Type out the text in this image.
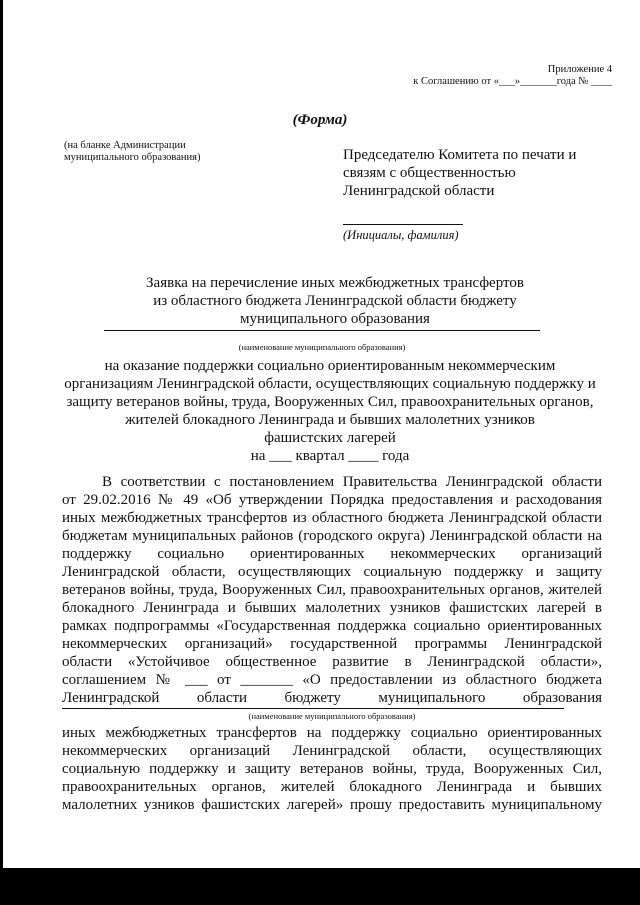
Приложение 4
к Соглашению от «___»_______года № ____
(Форма)
(на бланке Администрации
муниципального образования)	Председателю Комитета по печати и
связям с общественностью
Ленинградской области
(Инициалы, фамилия)
Заявка на перечисление иных межбюджетных трансфертов
из областного бюджета Ленинградской области бюджету
муниципального образования
(наименование муниципального образования)
на оказание поддержки социально ориентированным некоммерческим
организациям Ленинградской области, осуществляющих социальную поддержку и
защиту ветеранов войны, труда, Вооруженных Сил, правоохранительных органов,
жителей блокадного Ленинграда и бывших малолетних узников
фашистских лагерей
на ___ квартал ____ года
В соответствии с постановлением Правительства Ленинградской области
от 29.02.2016 № 49 «Об утверждении Порядка предоставления и расходования
иных межбюджетных трансфертов из областного бюджета Ленинградской области
бюджетам муниципальных районов (городского округа) Ленинградской области на
поддержку социально ориентированных некоммерческих организаций
Ленинградской области, осуществляющих социальную поддержку и защиту
ветеранов войны, труда, Вооруженных Сил, правоохранительных органов, жителей
блокадного Ленинграда и бывших малолетних узников фашистских лагерей в
рамках подпрограммы «Государственная поддержка социально ориентированных
некоммерческих организаций» государственной программы Ленинградской
области «Устойчивое общественное развитие в Ленинградской области»,
соглашением № ___ от _______ «О предоставлении из областного бюджета
Ленинградской области бюджету муниципального образования
(наименование муниципального образования)
иных межбюджетных трансфертов на поддержку социально ориентированных
некоммерческих организаций Ленинградской области, осуществляющих
социальную поддержку и защиту ветеранов войны, труда, Вооруженных Сил,
правоохранительных органов, жителей блокадного Ленинграда и бывших
малолетних узников фашистских лагерей» прошу предоставить муниципальному
